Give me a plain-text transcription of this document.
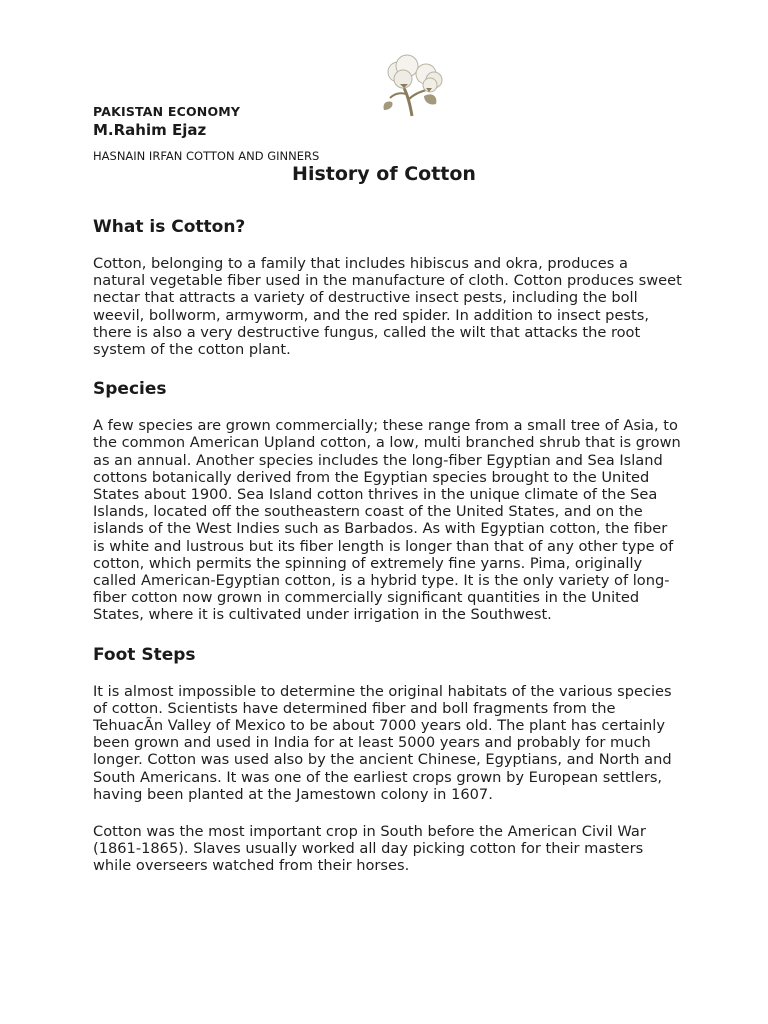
PAKISTAN ECONOMY

M.Rahim Ejaz

HASNAIN IRFAN COTTON AND GINNERS

History of Cotton
What is Cotton?

Cotton, belonging to a family that includes hibiscus and okra, produces a natural vegetable fiber used in the manufacture of cloth. Cotton produces sweet nectar that attracts a variety of destructive insect pests, including the boll weevil, bollworm, armyworm, and the red spider. In addition to insect pests, there is also a very destructive fungus, called the wilt that attacks the root system of the cotton plant.

Species

A few species are grown commercially; these range from a small tree of Asia, to the common American Upland cotton, a low, multi branched shrub that is grown as an annual. Another species includes the long-fiber Egyptian and Sea Island cottons botanically derived from the Egyptian species brought to the United States about 1900. Sea Island cotton thrives in the unique climate of the Sea Islands, located off the southeastern coast of the United States, and on the islands of the West Indies such as Barbados. As with Egyptian cotton, the fiber is white and lustrous but its fiber length is longer than that of any other type of cotton, which permits the spinning of extremely fine yarns. Pima, originally called American-Egyptian cotton, is a hybrid type. It is the only variety of long-fiber cotton now grown in commercially significant quantities in the United States, where it is cultivated under irrigation in the Southwest.

Foot Steps

It is almost impossible to determine the original habitats of the various species of cotton. Scientists have determined fiber and boll fragments from the TehuacÃn Valley of Mexico to be about 7000 years old. The plant has certainly been grown and used in India for at least 5000 years and probably for much longer. Cotton was used also by the ancient Chinese, Egyptians, and North and South Americans. It was one of the earliest crops grown by European settlers, having been planted at the Jamestown colony in 1607.

Cotton was the most important crop in South before the American Civil War (1861-1865). Slaves usually worked all day picking cotton for their masters while overseers watched from their horses.
